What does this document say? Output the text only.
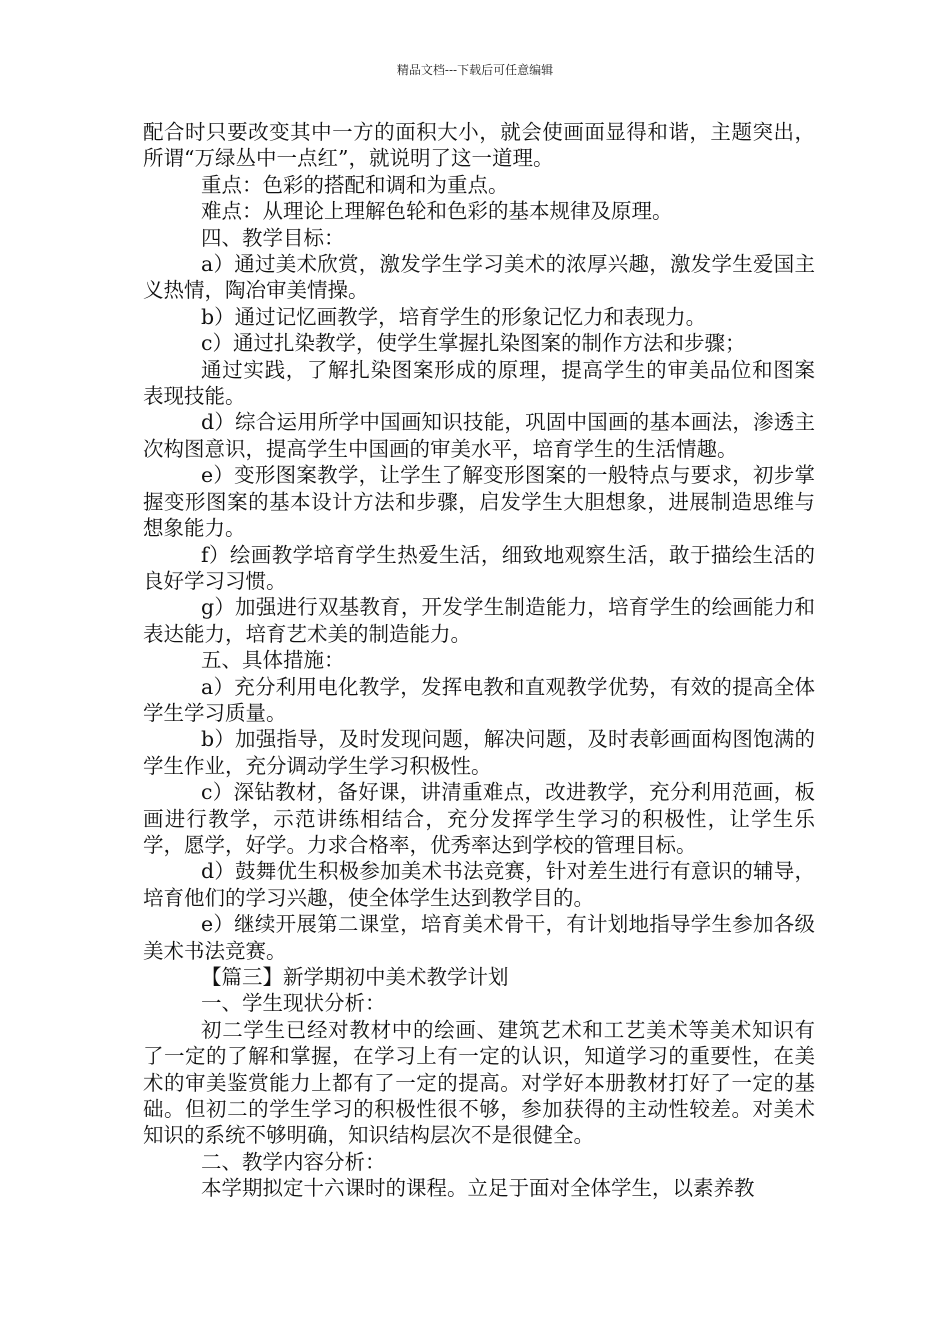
精品文档---下载后可任意编辑

配合时只要改变其中一方的面积大小，就会使画面显得和谐，主题突出，所谓“万绿丛中一点红”，就说明了这一道理。

重点：色彩的搭配和调和为重点。

难点：从理论上理解色轮和色彩的基本规律及原理。

四、教学目标：

a）通过美术欣赏，激发学生学习美术的浓厚兴趣，激发学生爱国主义热情，陶冶审美情操。

b）通过记忆画教学，培育学生的形象记忆力和表现力。

c）通过扎染教学，使学生掌握扎染图案的制作方法和步骤；

通过实践，了解扎染图案形成的原理，提高学生的审美品位和图案表现技能。

d）综合运用所学中国画知识技能，巩固中国画的基本画法，渗透主次构图意识，提高学生中国画的审美水平，培育学生的生活情趣。

e）变形图案教学，让学生了解变形图案的一般特点与要求，初步掌握变形图案的基本设计方法和步骤，启发学生大胆想象，进展制造思维与想象能力。

f）绘画教学培育学生热爱生活，细致地观察生活，敢于描绘生活的良好学习习惯。

g）加强进行双基教育，开发学生制造能力，培育学生的绘画能力和表达能力，培育艺术美的制造能力。

五、具体措施：

a）充分利用电化教学，发挥电教和直观教学优势，有效的提高全体学生学习质量。

b）加强指导，及时发现问题，解决问题，及时表彰画面构图饱满的学生作业，充分调动学生学习积极性。

c）深钻教材，备好课，讲清重难点，改进教学，充分利用范画，板画进行教学，示范讲练相结合，充分发挥学生学习的积极性，让学生乐学，愿学，好学。力求合格率，优秀率达到学校的管理目标。

d）鼓舞优生积极参加美术书法竞赛，针对差生进行有意识的辅导，培育他们的学习兴趣，使全体学生达到教学目的。

e）继续开展第二课堂，培育美术骨干，有计划地指导学生参加各级美术书法竞赛。

【篇三】新学期初中美术教学计划

一、学生现状分析：

初二学生已经对教材中的绘画、建筑艺术和工艺美术等美术知识有了一定的了解和掌握，在学习上有一定的认识，知道学习的重要性，在美术的审美鉴赏能力上都有了一定的提高。对学好本册教材打好了一定的基础。但初二的学生学习的积极性很不够，参加获得的主动性较差。对美术知识的系统不够明确，知识结构层次不是很健全。

二、教学内容分析：

本学期拟定十六课时的课程。立足于面对全体学生，以素养教
